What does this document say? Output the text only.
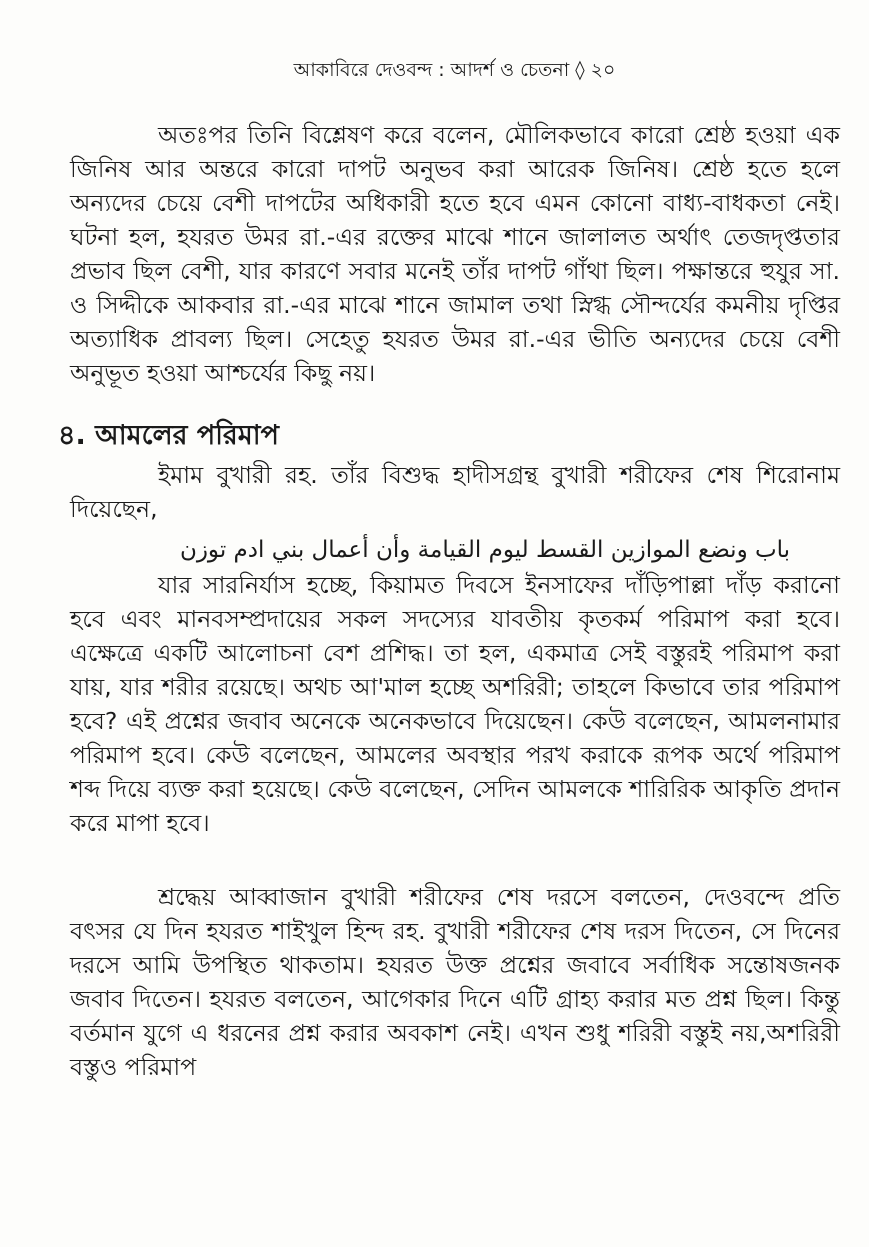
আকাবিরে দেওবন্দ : আদর্শ ও চেতনা ◊ ২০

অতঃপর তিনি বিশ্লেষণ করে বলেন, মৌলিকভাবে কারো শ্রেষ্ঠ হওয়া এক জিনিষ আর অন্তরে কারো দাপট অনুভব করা আরেক জিনিষ। শ্রেষ্ঠ হতে হলে অন্যদের চেয়ে বেশী দাপটের অধিকারী হতে হবে এমন কোনো বাধ্য-বাধকতা নেই। ঘটনা হল, হযরত উমর রা.-এর রক্তের মাঝে শানে জালালত অর্থাৎ তেজদৃপ্ততার প্রভাব ছিল বেশী, যার কারণে সবার মনেই তাঁর দাপট গাঁথা ছিল। পক্ষান্তরে হুযুর সা. ও সিদ্দীকে আকবার রা.-এর মাঝে শানে জামাল তথা স্নিগ্ধ সৌন্দর্যের কমনীয় দৃপ্তির অত্যাধিক প্রাবল্য ছিল। সেহেতু হযরত উমর রা.-এর ভীতি অন্যদের চেয়ে বেশী অনুভূত হওয়া আশ্চর্যের কিছু নয়।

৪. আমলের পরিমাপ

ইমাম বুখারী রহ. তাঁর বিশুদ্ধ হাদীসগ্রন্থ বুখারী শরীফের শেষ শিরোনাম দিয়েছেন,

باب ونضع الموازين القسط ليوم القيامة وأن أعمال بني ادم توزن

যার সারনির্যাস হচ্ছে, কিয়ামত দিবসে ইনসাফের দাঁড়িপাল্লা দাঁড় করানো হবে এবং মানবসম্প্রদায়ের সকল সদস্যের যাবতীয় কৃতকর্ম পরিমাপ করা হবে। এক্ষেত্রে একটি আলোচনা বেশ প্রশিদ্ধ। তা হল, একমাত্র সেই বস্তুরই পরিমাপ করা যায়, যার শরীর রয়েছে। অথচ আ'মাল হচ্ছে অশরিরী; তাহলে কিভাবে তার পরিমাপ হবে? এই প্রশ্নের জবাব অনেকে অনেকভাবে দিয়েছেন। কেউ বলেছেন, আমলনামার পরিমাপ হবে। কেউ বলেছেন, আমলের অবস্থার পরখ করাকে রূপক অর্থে পরিমাপ শব্দ দিয়ে ব্যক্ত করা হয়েছে। কেউ বলেছেন, সেদিন আমলকে শারিরিক আকৃতি প্রদান করে মাপা হবে।

শ্রদ্ধেয় আব্বাজান বুখারী শরীফের শেষ দরসে বলতেন, দেওবন্দে প্রতি বৎসর যে দিন হযরত শাইখুল হিন্দ রহ. বুখারী শরীফের শেষ দরস দিতেন, সে দিনের দরসে আমি উপস্থিত থাকতাম। হযরত উক্ত প্রশ্নের জবাবে সর্বাধিক সন্তোষজনক জবাব দিতেন। হযরত বলতেন, আগেকার দিনে এটি গ্রাহ্য করার মত প্রশ্ন ছিল। কিন্তু বর্তমান যুগে এ ধরনের প্রশ্ন করার অবকাশ নেই। এখন শুধু শরিরী বস্তুই নয়,অশরিরী বস্তুও পরিমাপ
